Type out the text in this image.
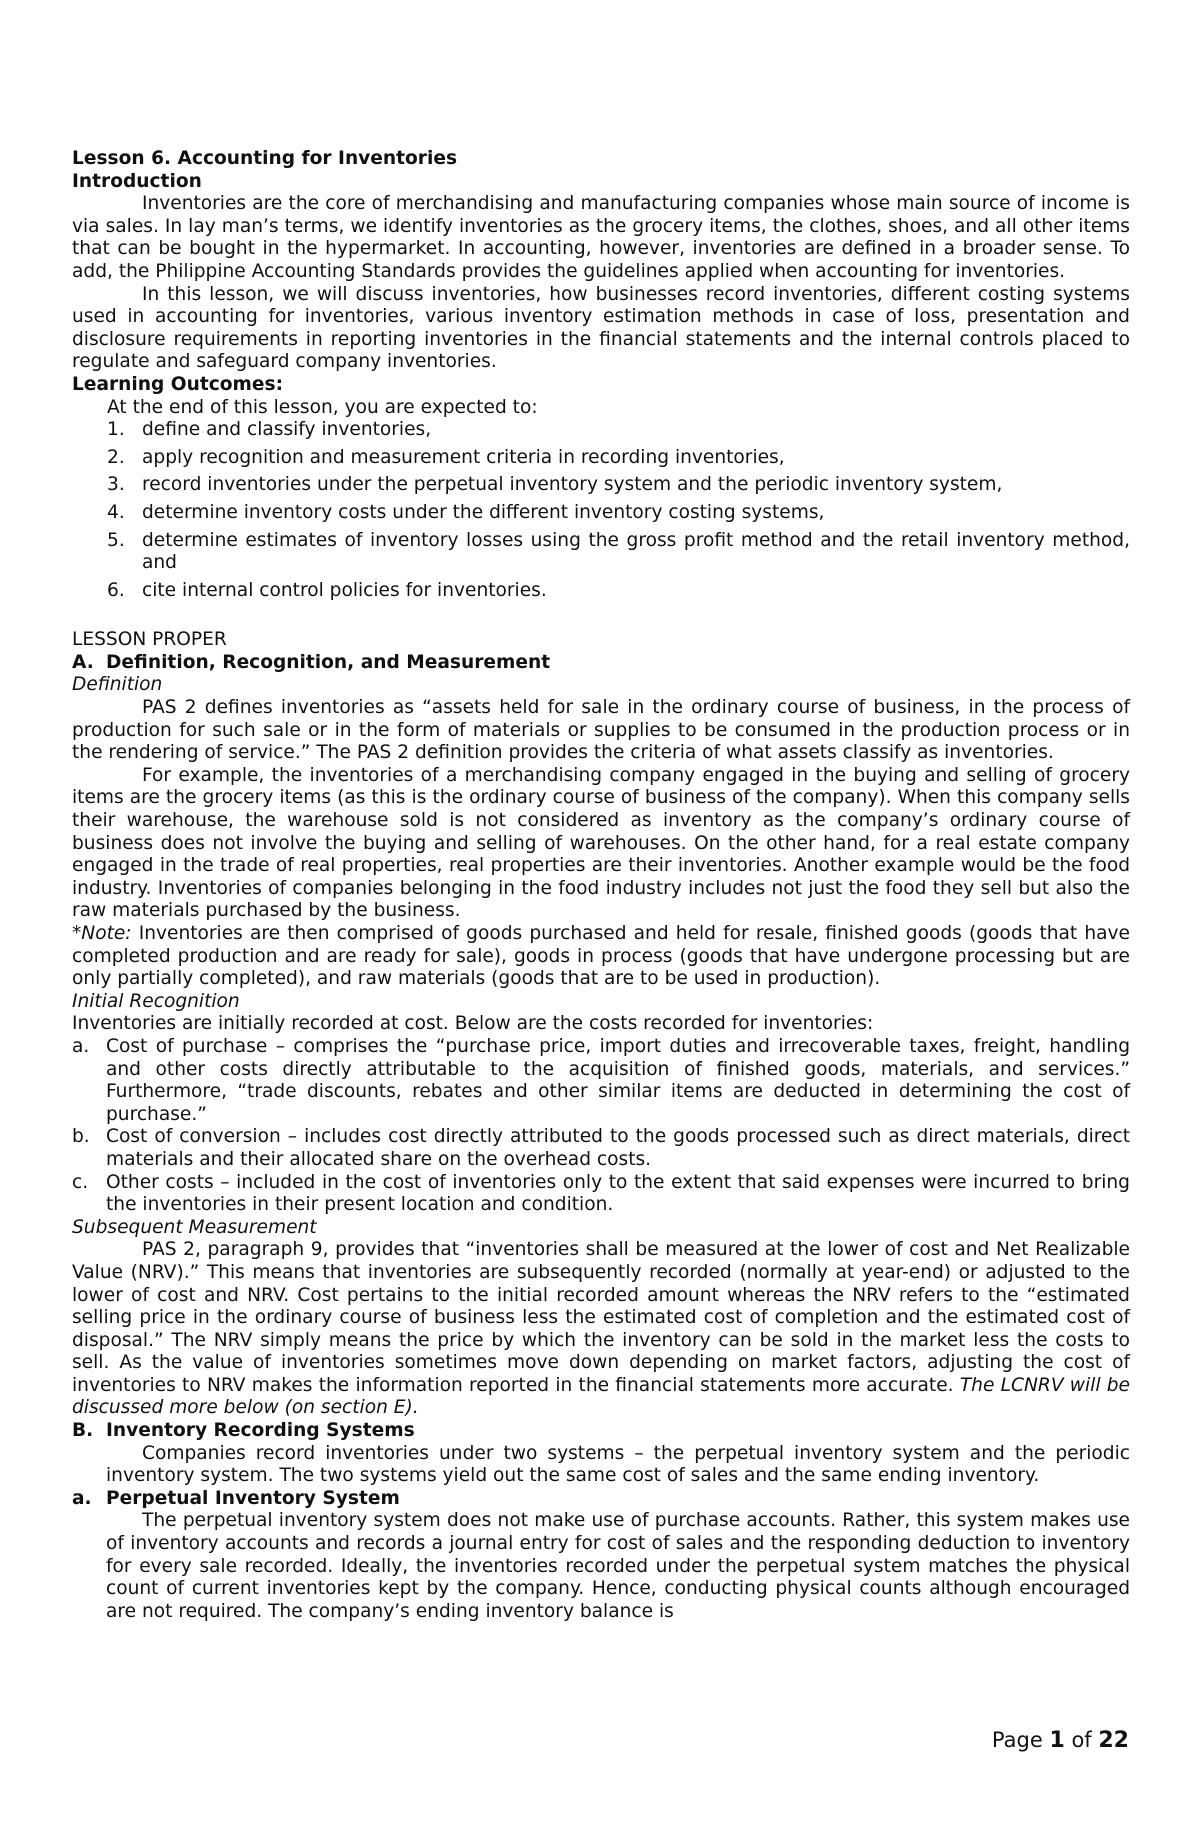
Lesson 6. Accounting for Inventories
Introduction

Inventories are the core of merchandising and manufacturing companies whose main source of income is via sales. In lay man’s terms, we identify inventories as the grocery items, the clothes, shoes, and all other items that can be bought in the hypermarket. In accounting, however, inventories are defined in a broader sense. To add, the Philippine Accounting Standards provides the guidelines applied when accounting for inventories.

In this lesson, we will discuss inventories, how businesses record inventories, different costing systems used in accounting for inventories, various inventory estimation methods in case of loss, presentation and disclosure requirements in reporting inventories in the financial statements and the internal controls placed to regulate and safeguard company inventories.

Learning Outcomes:
At the end of this lesson, you are expected to:
1. define and classify inventories,
2. apply recognition and measurement criteria in recording inventories,
3. record inventories under the perpetual inventory system and the periodic inventory system,
4. determine inventory costs under the different inventory costing systems,
5. determine estimates of inventory losses using the gross profit method and the retail inventory method, and
6. cite internal control policies for inventories.
LESSON PROPER
A. Definition, Recognition, and Measurement
Definition

PAS 2 defines inventories as “assets held for sale in the ordinary course of business, in the process of production for such sale or in the form of materials or supplies to be consumed in the production process or in the rendering of service.” The PAS 2 definition provides the criteria of what assets classify as inventories.

For example, the inventories of a merchandising company engaged in the buying and selling of grocery items are the grocery items (as this is the ordinary course of business of the company). When this company sells their warehouse, the warehouse sold is not considered as inventory as the company’s ordinary course of business does not involve the buying and selling of warehouses. On the other hand, for a real estate company engaged in the trade of real properties, real properties are their inventories. Another example would be the food industry. Inventories of companies belonging in the food industry includes not just the food they sell but also the raw materials purchased by the business.

*Note: Inventories are then comprised of goods purchased and held for resale, finished goods (goods that have completed production and are ready for sale), goods in process (goods that have undergone processing but are only partially completed), and raw materials (goods that are to be used in production).

Initial Recognition
Inventories are initially recorded at cost. Below are the costs recorded for inventories:
a. Cost of purchase – comprises the “purchase price, import duties and irrecoverable taxes, freight, handling and other costs directly attributable to the acquisition of finished goods, materials, and services.” Furthermore, “trade discounts, rebates and other similar items are deducted in determining the cost of purchase.”
b. Cost of conversion – includes cost directly attributed to the goods processed such as direct materials, direct materials and their allocated share on the overhead costs.
c. Other costs – included in the cost of inventories only to the extent that said expenses were incurred to bring the inventories in their present location and condition.
Subsequent Measurement

PAS 2, paragraph 9, provides that “inventories shall be measured at the lower of cost and Net Realizable Value (NRV).” This means that inventories are subsequently recorded (normally at year-end) or adjusted to the lower of cost and NRV. Cost pertains to the initial recorded amount whereas the NRV refers to the “estimated selling price in the ordinary course of business less the estimated cost of completion and the estimated cost of disposal.” The NRV simply means the price by which the inventory can be sold in the market less the costs to sell. As the value of inventories sometimes move down depending on market factors, adjusting the cost of inventories to NRV makes the information reported in the financial statements more accurate. The LCNRV will be discussed more below (on section E).

B. Inventory Recording Systems

Companies record inventories under two systems – the perpetual inventory system and the periodic inventory system. The two systems yield out the same cost of sales and the same ending inventory.

a. Perpetual Inventory System

The perpetual inventory system does not make use of purchase accounts. Rather, this system makes use of inventory accounts and records a journal entry for cost of sales and the responding deduction to inventory for every sale recorded. Ideally, the inventories recorded under the perpetual system matches the physical count of current inventories kept by the company. Hence, conducting physical counts although encouraged are not required. The company’s ending inventory balance is

Page 1 of 22
